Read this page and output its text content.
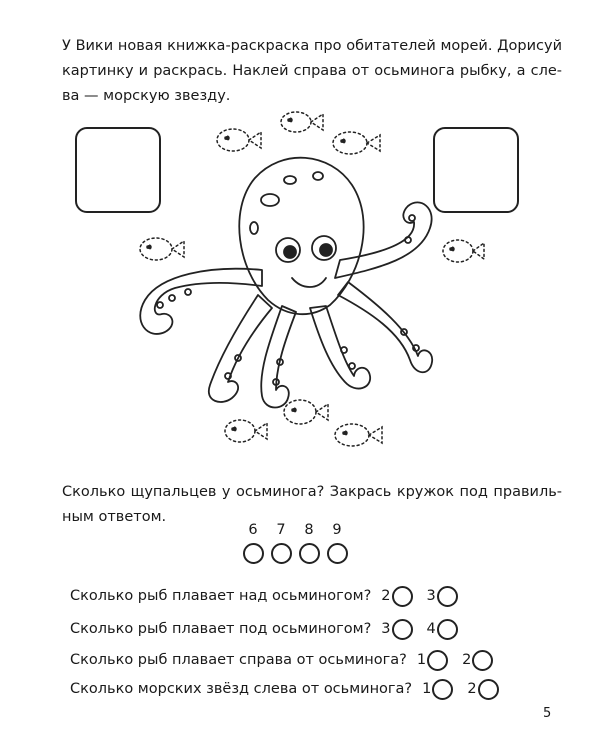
У Вики новая книжка-раскраска про обитателей морей. Дорисуй картинку и раскрась. Наклей справа от осьминога рыбку, а сле-ва — морскую звезду.

Сколько щупальцев у осьминога? Закрась кружок под правиль-ным ответом.

6	7	8	9
Сколько рыб плавает над осьминогом? 2 3
Сколько рыб плавает под осьминогом? 3 4
Сколько рыб плавает справа от осьминога? 1 2
Сколько морских звёзд слева от осьминога? 1 2
5
